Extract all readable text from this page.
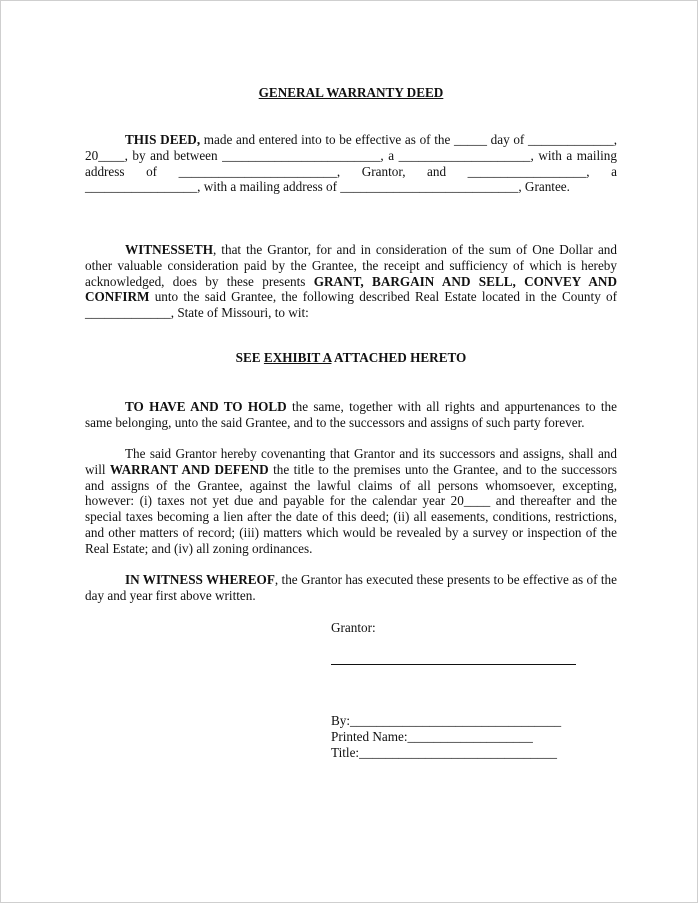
GENERAL WARRANTY DEED
THIS DEED, made and entered into to be effective as of the _____ day of _____________, 20____, by and between ________________________, a ____________________, with a mailing address of ________________________, Grantor, and __________________, a _________________, with a mailing address of ___________________________, Grantee.
WITNESSETH, that the Grantor, for and in consideration of the sum of One Dollar and other valuable consideration paid by the Grantee, the receipt and sufficiency of which is hereby acknowledged, does by these presents GRANT, BARGAIN AND SELL, CONVEY AND CONFIRM unto the said Grantee, the following described Real Estate located in the County of _____________, State of Missouri, to wit:
SEE EXHIBIT A ATTACHED HERETO
TO HAVE AND TO HOLD the same, together with all rights and appurtenances to the same belonging, unto the said Grantee, and to the successors and assigns of such party forever.
The said Grantor hereby covenanting that Grantor and its successors and assigns, shall and will WARRANT AND DEFEND the title to the premises unto the Grantee, and to the successors and assigns of the Grantee, against the lawful claims of all persons whomsoever, excepting, however: (i) taxes not yet due and payable for the calendar year 20____ and thereafter and the special taxes becoming a lien after the date of this deed; (ii) all easements, conditions, restrictions, and other matters of record; (iii) matters which would be revealed by a survey or inspection of the Real Estate; and (iv) all zoning ordinances.
IN WITNESS WHEREOF, the Grantor has executed these presents to be effective as of the day and year first above written.
Grantor:
By:________________________________
Printed Name:___________________
Title:______________________________
